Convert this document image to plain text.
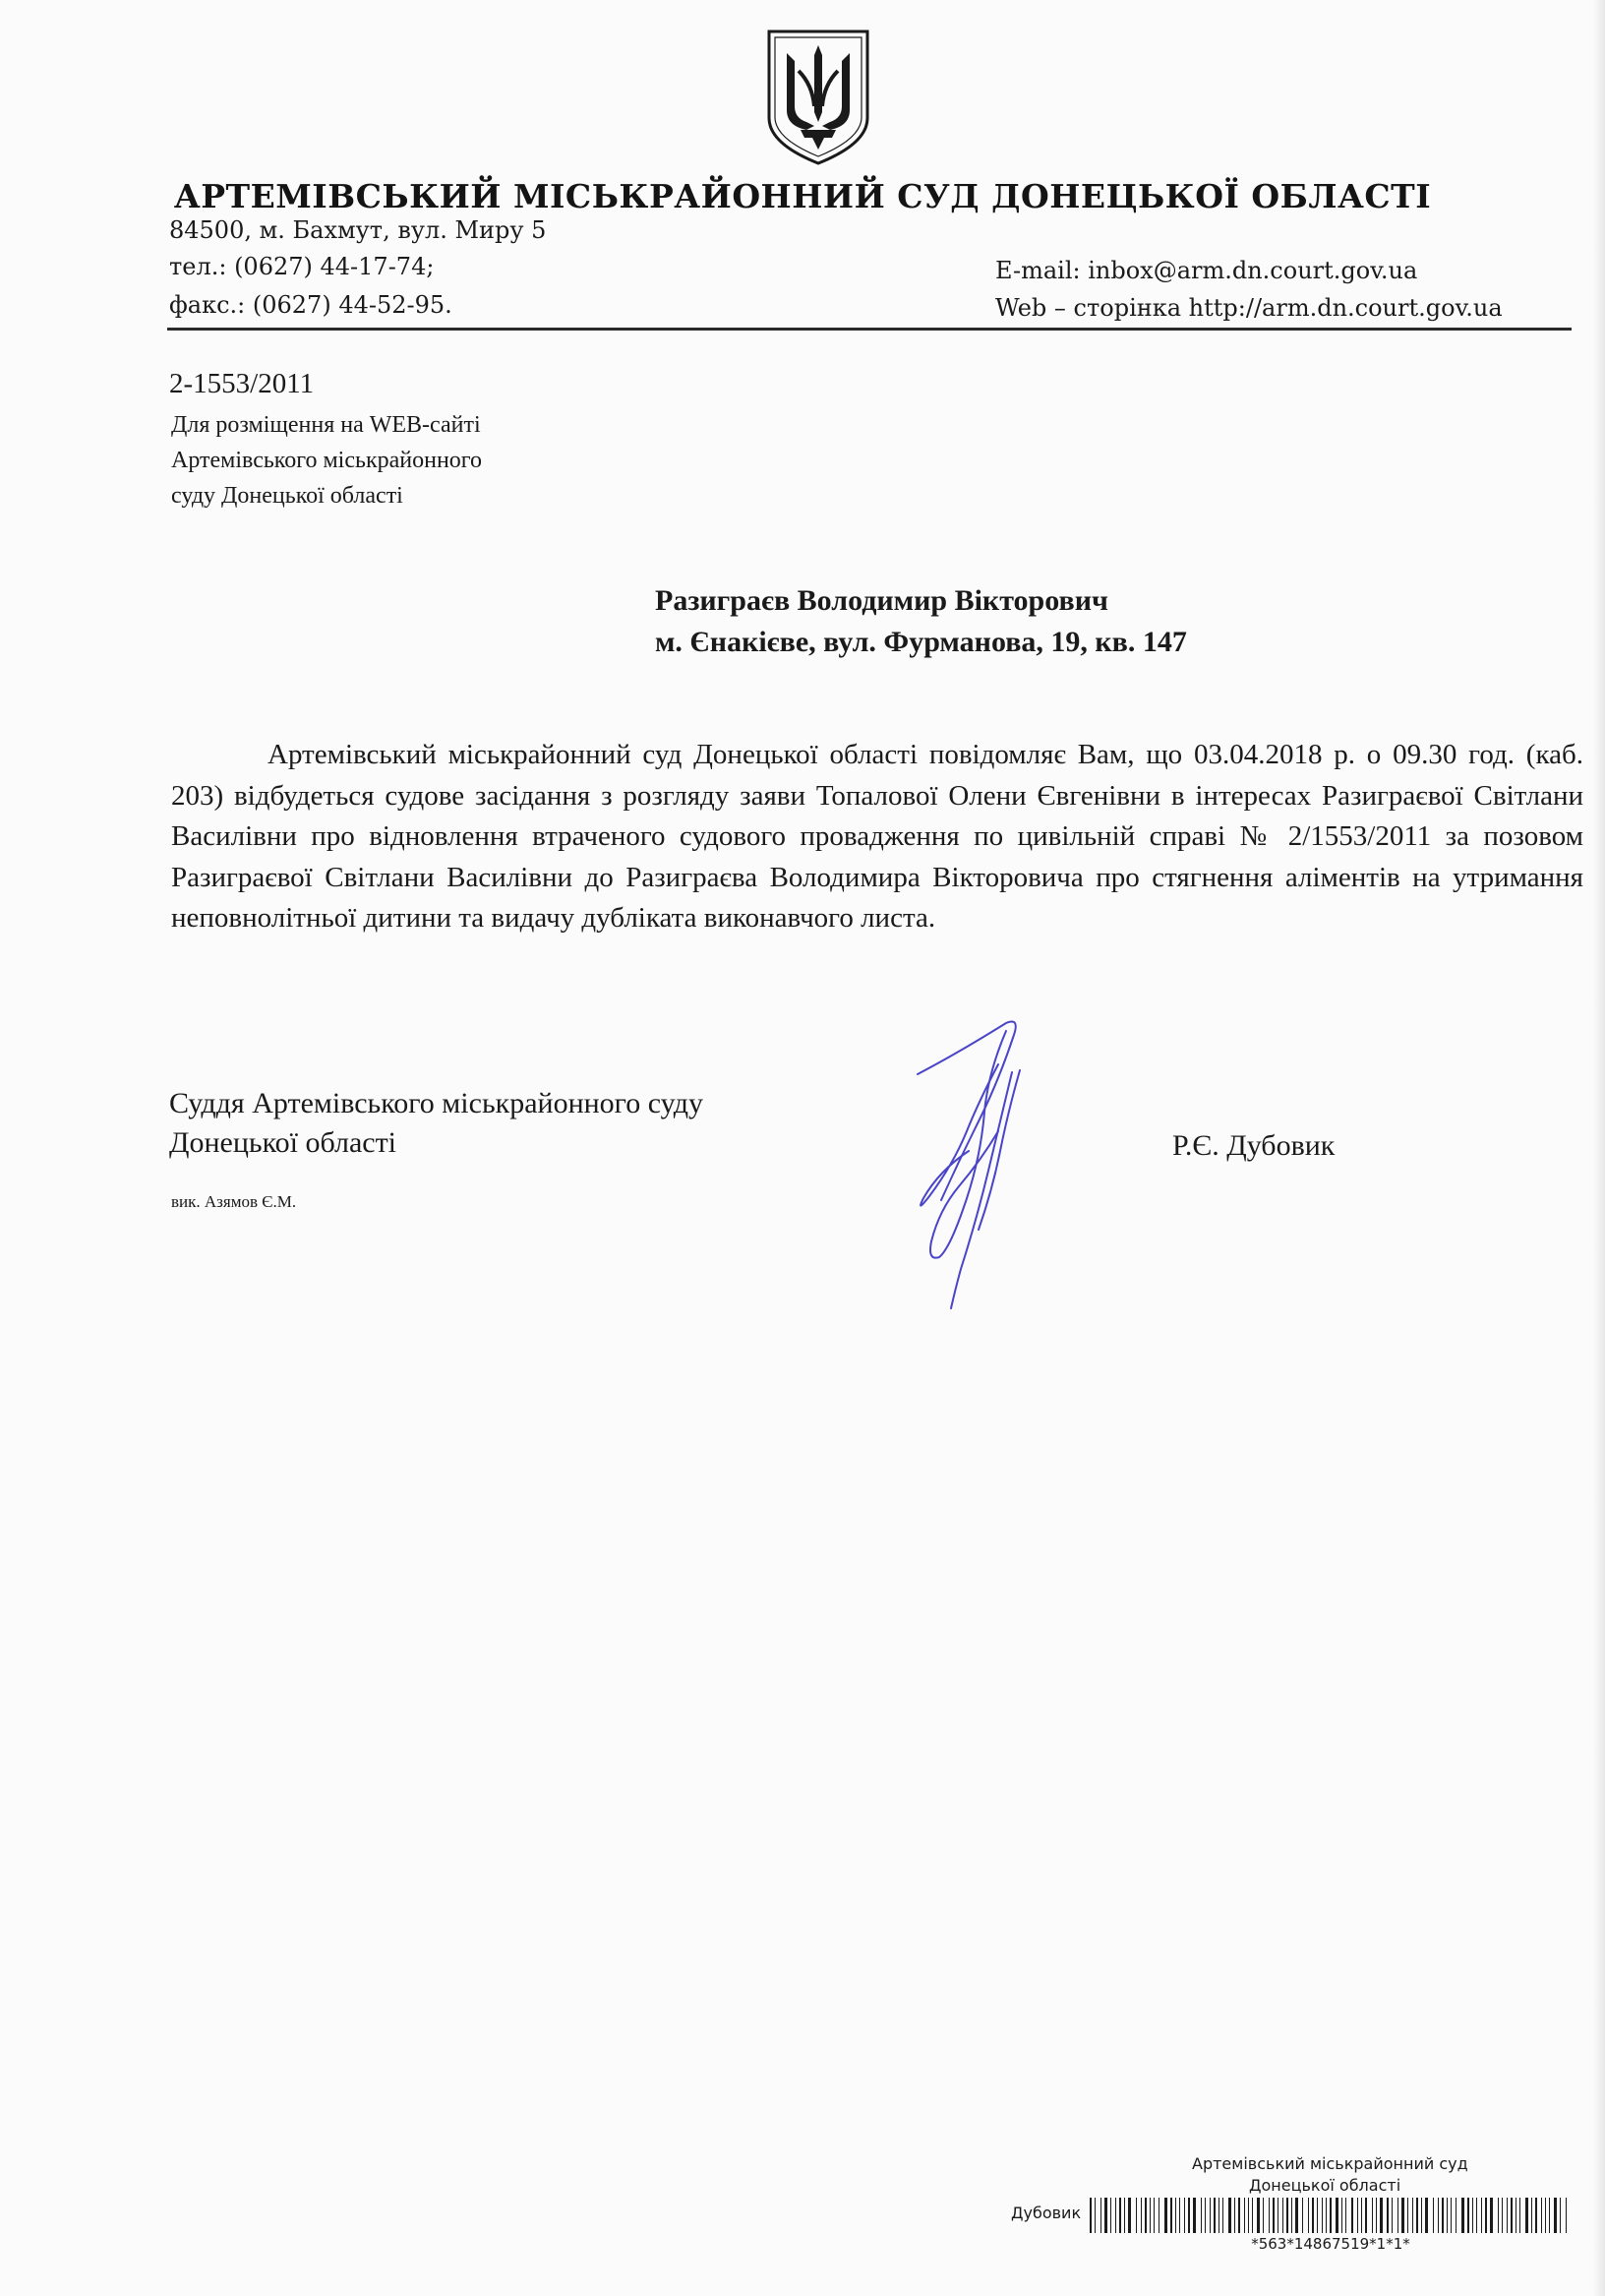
АРТЕМІВСЬКИЙ МІСЬКРАЙОННИЙ СУД ДОНЕЦЬКОЇ ОБЛАСТІ
84500, м. Бахмут, вул. Миру 5
тел.: (0627) 44-17-74;
факс.: (0627) 44-52-95.
E-mail: inbox@arm.dn.court.gov.ua
Web – сторінка http://arm.dn.court.gov.ua
2-1553/2011
Для розміщення на WEB-сайті
Артемівського міськрайонного
суду Донецької області
Разиграєв Володимир Вікторович
м. Єнакієве, вул. Фурманова, 19, кв. 147
Артемівський міськрайонний суд Донецької області повідомляє Вам, що 03.04.2018 р. о 09.30 год. (каб. 203) відбудеться судове засідання з розгляду заяви Топалової Олени Євгенівни в інтересах Разиграєвої Світлани Василівни про відновлення втраченого судового провадження по цивільній справі № 2/1553/2011 за позовом Разиграєвої Світлани Василівни до Разиграєва Володимира Вікторовича про стягнення аліментів на утримання неповнолітньої дитини та видачу дубліката виконавчого листа.
Суддя Артемівського міськрайонного суду
Донецької області	Р.Є. Дубовик
вик. Азямов Є.М.
Артемівський міськрайонний суд
Донецької області
Дубовик
*563*14867519*1*1*
